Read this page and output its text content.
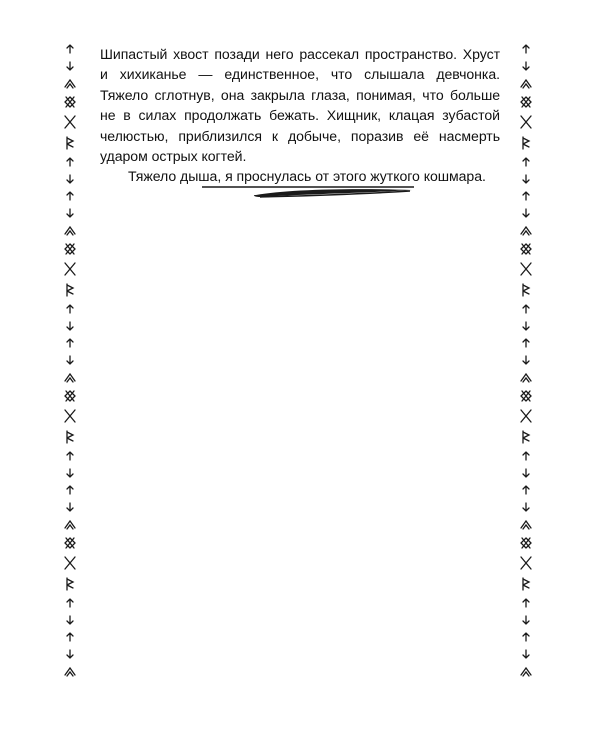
Шипастый хвост позади него рассекал пространство. Хруст и хихиканье — единственное, что слышала девчонка. Тяжело сглотнув, она закрыла глаза, понимая, что больше не в силах продолжать бежать. Хищник, клацая зубастой челюстью, приблизился к добыче, поразив её насмерть ударом острых когтей.

Тяжело дыша, я проснулась от этого жуткого кошмара.
